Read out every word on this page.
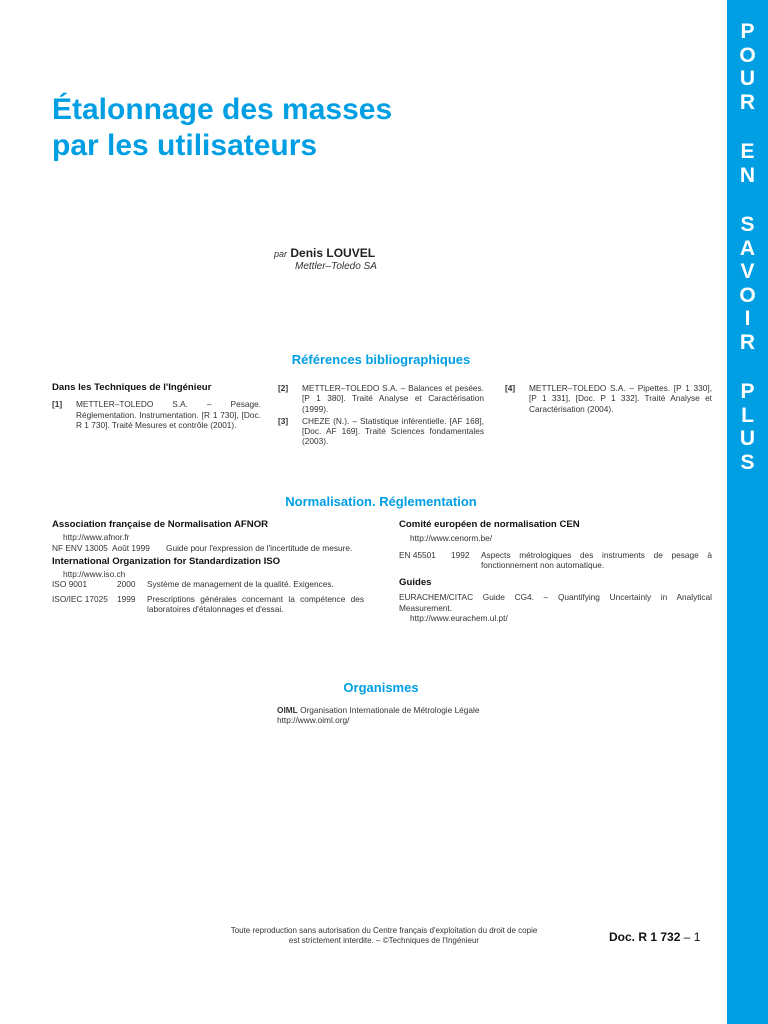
P
O
U
R
E
N
S
A
V
O
I
R
P
L
U
S
Étalonnage des masses
par les utilisateurs
par Denis LOUVEL
Mettler–Toledo SA
Références bibliographiques

Dans les Techniques de l'Ingénieur

[1]	METTLER–TOLEDO S.A. – Pesage. Réglementation. Instrumentation. [R 1 730], [Doc. R 1 730]. Traité Mesures et contrôle (2001).
[2]	METTLER–TOLEDO S.A. – Balances et pesées. [P 1 380]. Traité Analyse et Caractérisation (1999).
[3]	CHEZE (N.). – Statistique inférentielle. [AF 168], [Doc. AF 169]. Traité Sciences fondamentales (2003).
[4]	METTLER–TOLEDO S.A. – Pipettes. [P 1 330], [P 1 331], [Doc. P 1 332]. Traité Analyse et Caractérisation (2004).
Normalisation. Réglementation

Association française de Normalisation AFNOR

http://www.afnor.fr
NF ENV 13005 Août 1999	Guide pour l'expression de l'incertitude de mesure.

International Organization for Standardization ISO

http://www.iso.ch
ISO 9001	2000	Système de management de la qualité. Exigences.
ISO/IEC 17025	1999	Prescriptions générales concernant la compétence des laboratoires d'étalonnages et d'essai.

Comité européen de normalisation CEN

http://www.cenorm.be/
EN 45501	1992	Aspects métrologiques des instruments de pesage à fonctionnement non automatique.

Guides

EURACHEM/CITAC Guide CG4. – Quantifying Uncertainly in Analytical Measurement.
http://www.eurachem.ul.pt/
Organismes
OIML Organisation Internationale de Métrologie Légale
http://www.oiml.org/
Toute reproduction sans autorisation du Centre français d'exploitation du droit de copie
est strictement interdite. – ©Techniques de l'Ingénieur	Doc. R 1 732 – 1
